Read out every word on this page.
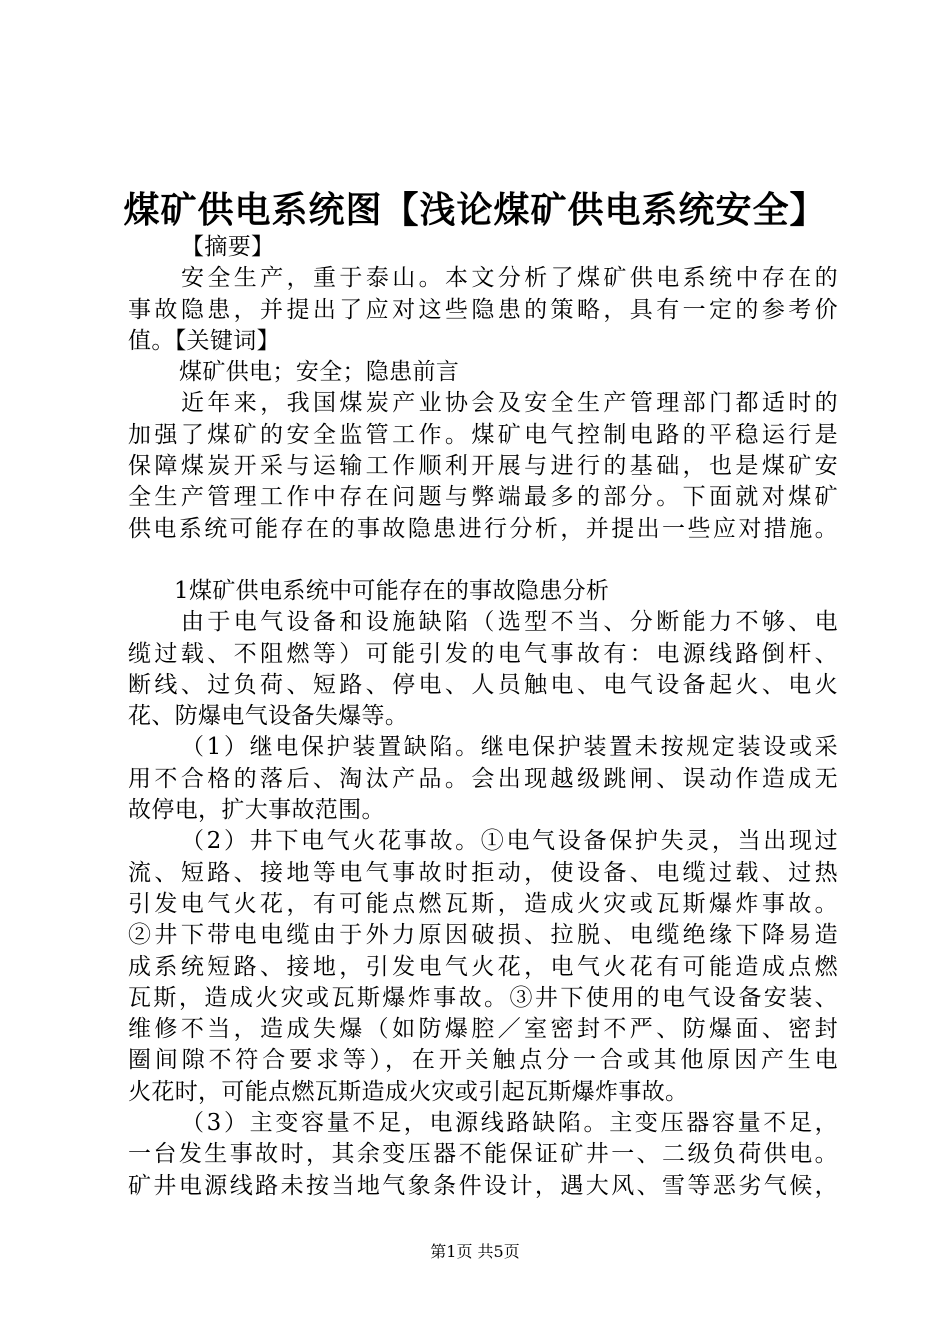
煤矿供电系统图【浅论煤矿供电系统安全】
【摘要】
安全生产，重于泰山。本文分析了煤矿供电系统中存在的
事故隐患，并提出了应对这些隐患的策略，具有一定的参考价
值。【关键词】
煤矿供电；安全；隐患前言
近年来，我国煤炭产业协会及安全生产管理部门都适时的
加强了煤矿的安全监管工作。煤矿电气控制电路的平稳运行是
保障煤炭开采与运输工作顺利开展与进行的基础，也是煤矿安
全生产管理工作中存在问题与弊端最多的部分。下面就对煤矿
供电系统可能存在的事故隐患进行分析，并提出一些应对措施。
1煤矿供电系统中可能存在的事故隐患分析
由于电气设备和设施缺陷（选型不当、分断能力不够、电
缆过载、不阻燃等）可能引发的电气事故有：电源线路倒杆、
断线、过负荷、短路、停电、人员触电、电气设备起火、电火
花、防爆电气设备失爆等。
（1）继电保护装置缺陷。继电保护装置未按规定装设或采
用不合格的落后、淘汰产品。会出现越级跳闸、误动作造成无
故停电，扩大事故范围。
（2）井下电气火花事故。①电气设备保护失灵，当出现过
流、短路、接地等电气事故时拒动，使设备、电缆过载、过热
引发电气火花，有可能点燃瓦斯，造成火灾或瓦斯爆炸事故。
②井下带电电缆由于外力原因破损、拉脱、电缆绝缘下降易造
成系统短路、接地，引发电气火花，电气火花有可能造成点燃
瓦斯，造成火灾或瓦斯爆炸事故。③井下使用的电气设备安装、
维修不当，造成失爆（如防爆腔／室密封不严、防爆面、密封
圈间隙不符合要求等），在开关触点分一合或其他原因产生电
火花时，可能点燃瓦斯造成火灾或引起瓦斯爆炸事故。
（3）主变容量不足，电源线路缺陷。主变压器容量不足，
一台发生事故时，其余变压器不能保证矿井一、二级负荷供电。
矿井电源线路未按当地气象条件设计，遇大风、雪等恶劣气候，
第1页 共5页
